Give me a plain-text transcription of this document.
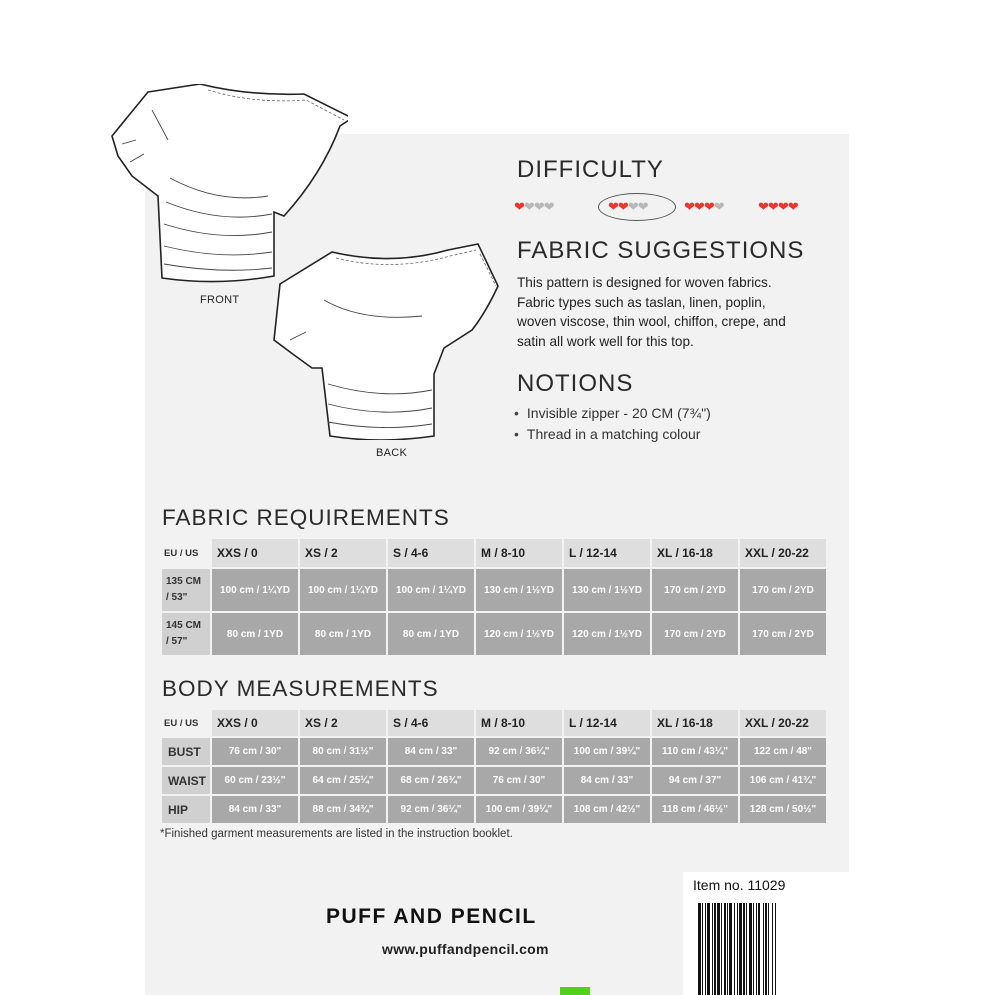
FRONT
BACK
DIFFICULTY
❤❤❤❤	❤❤❤❤	❤❤❤❤	❤❤❤❤
FABRIC SUGGESTIONS

This pattern is designed for woven fabrics.

Fabric types such as taslan, linen, poplin,

woven viscose, thin wool, chiffon, crepe, and

satin all work well for this top.

NOTIONS
• Invisible zipper - 20 CM (7¾")
• Thread in a matching colour
FABRIC REQUIREMENTS
EU / US	XXS / 0	XS / 2	S / 4-6	M / 8-10	L / 12-14	XL / 16-18	XXL / 20-22
135 CM
/ 53"	100 cm / 1¼YD	100 cm / 1¼YD	100 cm / 1¼YD	130 cm / 1½YD	130 cm / 1½YD	170 cm / 2YD	170 cm / 2YD
145 CM
/ 57"	80 cm / 1YD	80 cm / 1YD	80 cm / 1YD	120 cm / 1½YD	120 cm / 1½YD	170 cm / 2YD	170 cm / 2YD
BODY MEASUREMENTS
EU / US	XXS / 0	XS / 2	S / 4-6	M / 8-10	L / 12-14	XL / 16-18	XXL / 20-22
BUST	76 cm / 30"	80 cm / 31½"	84 cm / 33"	92 cm / 36¼"	100 cm / 39¼"	110 cm / 43¼"	122 cm / 48"
WAIST	60 cm / 23½"	64 cm / 25¼"	68 cm / 26¾"	76 cm / 30"	84 cm / 33"	94 cm / 37"	106 cm / 41¾"
HIP	84 cm / 33"	88 cm / 34¾"	92 cm / 36¼"	100 cm / 39¼"	108 cm / 42½"	118 cm / 46½"	128 cm / 50½"
*Finished garment measurements are listed in the instruction booklet.
PUFF AND PENCIL
www.puffandpencil.com
Item no. 11029
